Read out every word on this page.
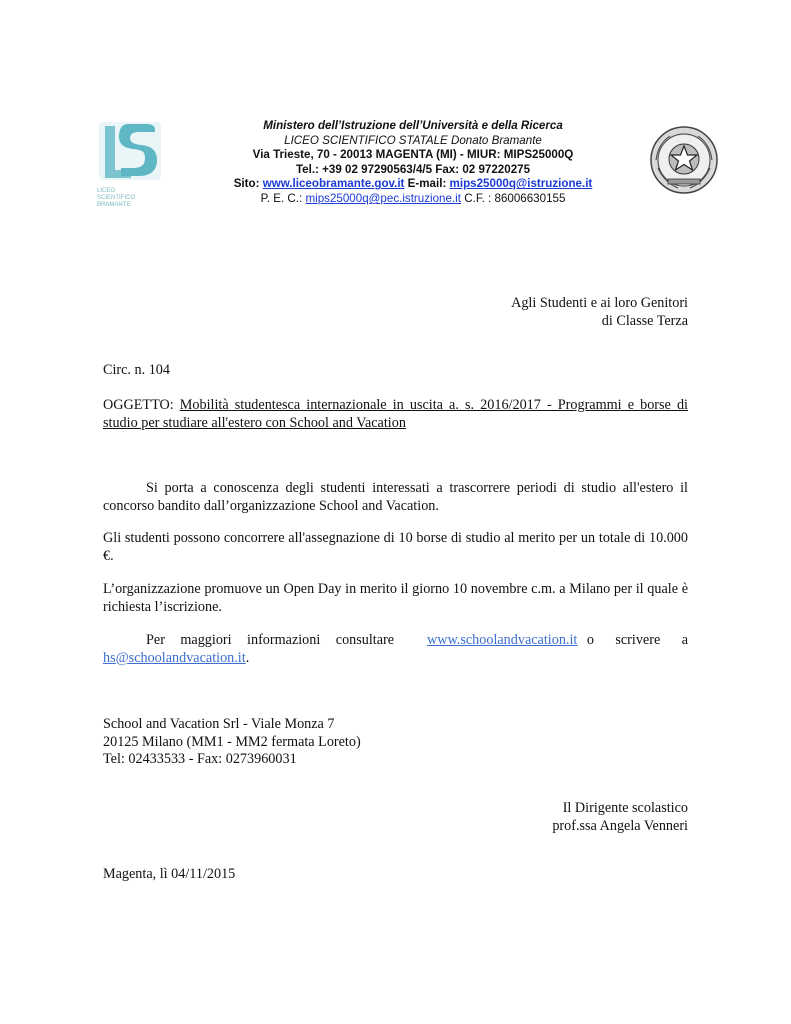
LICEO
SCIENTIFICO
BRAMANTE
Ministero dell’Istruzione dell’Università e della Ricerca
LICEO SCIENTIFICO STATALE Donato Bramante
Via Trieste, 70 - 20013 MAGENTA (MI) - MIUR: MIPS25000Q
Tel.: +39 02 97290563/4/5 Fax: 02 97220275
Sito: www.liceobramante.gov.it E-mail: mips25000q@istruzione.it
P. E. C.: mips25000q@pec.istruzione.it C.F. : 86006630155
Agli Studenti e ai loro Genitori
di Classe Terza
Circ. n. 104
OGGETTO: Mobilità studentesca internazionale in uscita a. s. 2016/2017 - Programmi e borse di studio per studiare all'estero con School and Vacation
Si porta a conoscenza degli studenti interessati a trascorrere periodi di studio all'estero il concorso bandito dall’organizzazione School and Vacation.
Gli studenti possono concorrere all'assegnazione di 10 borse di studio al merito per un totale di 10.000 €.
L’organizzazione promuove un Open Day in merito il giorno 10 novembre c.m. a Milano per il quale è richiesta l’iscrizione.
Per maggiori informazioni consultare www.schoolandvacation.it o scrivere a hs@schoolandvacation.it.
School and Vacation Srl - Viale Monza 7
20125 Milano (MM1 - MM2 fermata Loreto)
Tel: 02433533 - Fax: 0273960031
Il Dirigente scolastico
prof.ssa Angela Venneri
Magenta, lì 04/11/2015
